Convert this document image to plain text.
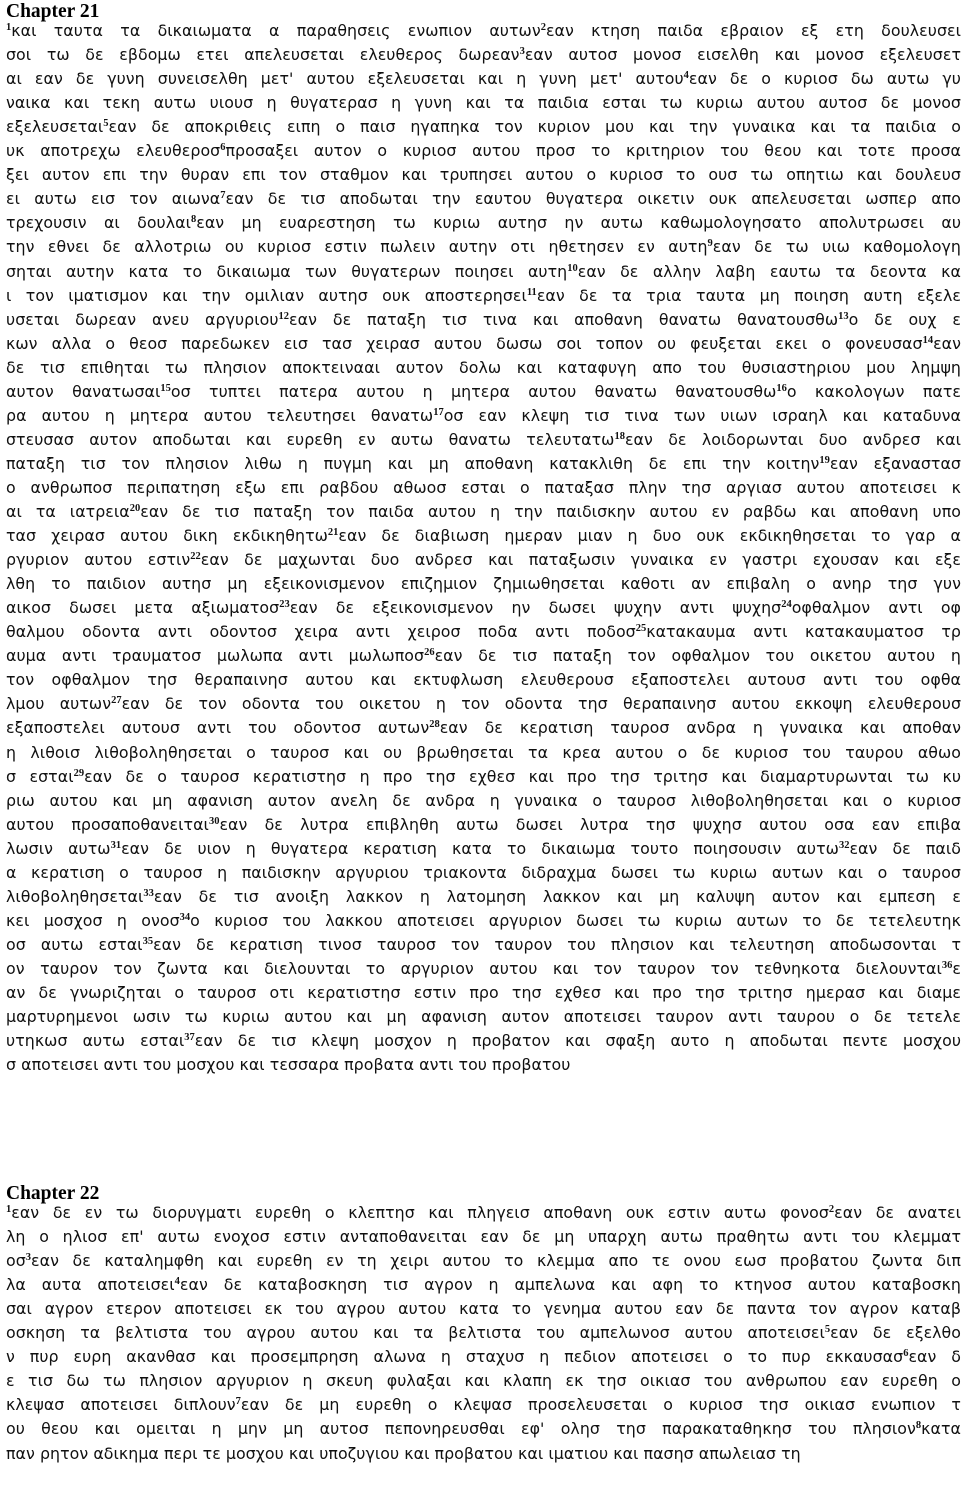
Chapter 21
$^1$και ταυτα τα δικαιωματα α παραθησεις ενωπιον αυτων$^2$εαν κτηση παιδα εβραιον εξ ετη δουλευσει
σοι τω δε εβδομω ετει απελευσεται ελευθερος δωρεαν$^3$εαν αυτοσ μονοσ εισελθη και μονοσ εξελευσετ
αι εαν δε γυνη συνεισελθη μετ' αυτου εξελευσεται και η γυνη μετ' αυτου$^4$εαν δε ο κυριοσ δω αυτω γυ
ναικα και τεκη αυτω υιουσ η θυγατερασ η γυνη και τα παιδια εσται τω κυριω αυτου αυτοσ δε μονοσ
εξελευσεται$^5$εαν δε αποκριθεις ειπη ο παισ ηγαπηκα τον κυριον μου και την γυναικα και τα παιδια ο
υκ αποτρεχω ελευθεροσ$^6$προσαξει αυτον ο κυριοσ αυτου προσ το κριτηριον του θεου και τοτε προσα
ξει αυτον επι την θυραν επι τον σταθμον και τρυπησει αυτου ο κυριοσ το ουσ τω οπητιω και δουλευσ
ει αυτω εισ τον αιωνα$^7$εαν δε τισ αποδωται την εαυτου θυγατερα οικετιν ουκ απελευσεται ωσπερ απο
τρεχουσιν αι δουλαι$^8$εαν μη ευαρεστηση τω κυριω αυτησ ην αυτω καθωμολογησατο απολυτρωσει αυ
την εθνει δε αλλοτριω ου κυριοσ εστιν πωλειν αυτην οτι ηθετησεν εν αυτη$^9$εαν δε τω υιω καθομολογη
σηται αυτην κατα το δικαιωμα των θυγατερων ποιησει αυτη$^{10}$εαν δε αλλην λαβη εαυτω τα δεοντα κα
ι τον ιματισμον και την ομιλιαν αυτησ ουκ αποστερησει$^{11}$εαν δε τα τρια ταυτα μη ποιηση αυτη εξελε
υσεται δωρεαν ανευ αργυριου$^{12}$εαν δε παταξη τισ τινα και αποθανη θανατω θανατουσθω$^{13}$ο δε ουχ ε
κων αλλα ο θεοσ παρεδωκεν εισ τασ χειρασ αυτου δωσω σοι τοπον ου φευξεται εκει ο φονευσασ$^{14}$εαν
δε τισ επιθηται τω πλησιον αποκτεινααι αυτον δολω και καταφυγη απο του θυσιαστηριου μου λημψη
αυτον θανατωσαι$^{15}$οσ τυπτει πατερα αυτου η μητερα αυτου θανατω θανατουσθω$^{16}$ο κακολογων πατε
ρα αυτου η μητερα αυτου τελευτησει θανατω$^{17}$οσ εαν κλεψη τισ τινα των υιων ισραηλ και καταδυνα
στευσασ αυτον αποδωται και ευρεθη εν αυτω θανατω τελευτατω$^{18}$εαν δε λοιδορωνται δυο ανδρεσ και
παταξη τισ τον πλησιον λιθω η πυγμη και μη αποθανη κατακλιθη δε επι την κοιτην$^{19}$εαν εξαναστασ
ο ανθρωποσ περιπατηση εξω επι ραβδου αθωοσ εσται ο παταξασ πλην τησ αργιασ αυτου αποτεισει κ
αι τα ιατρεια$^{20}$εαν δε τισ παταξη τον παιδα αυτου η την παιδισκην αυτου εν ραβδω και αποθανη υπο
τασ χειρασ αυτου δικη εκδικηθητω$^{21}$εαν δε διαβιωση ημεραν μιαν η δυο ουκ εκδικηθησεται το γαρ α
ργυριον αυτου εστιν$^{22}$εαν δε μαχωνται δυο ανδρεσ και παταξωσιν γυναικα εν γαστρι εχουσαν και εξε
λθη το παιδιον αυτησ μη εξεικονισμενον επιζημιον ζημιωθησεται καθοτι αν επιβαλη ο ανηρ τησ γυν
αικοσ δωσει μετα αξιωματοσ$^{23}$εαν δε εξεικονισμενον ην δωσει ψυχην αντι ψυχησ$^{24}$οφθαλμον αντι οφ
θαλμου οδοντα αντι οδοντοσ χειρα αντι χειροσ ποδα αντι ποδοσ$^{25}$κατακαυμα αντι κατακαυματοσ τρ
αυμα αντι τραυματοσ μωλωπα αντι μωλωποσ$^{26}$εαν δε τισ παταξη τον οφθαλμον του οικετου αυτου η
τον οφθαλμον τησ θεραπαινησ αυτου και εκτυφλωση ελευθερουσ εξαποστελει αυτουσ αντι του οφθα
λμου αυτων$^{27}$εαν δε τον οδοντα του οικετου η τον οδοντα τησ θεραπαινησ αυτου εκκοψη ελευθερουσ
εξαποστελει αυτουσ αντι του οδοντοσ αυτων$^{28}$εαν δε κερατιση ταυροσ ανδρα η γυναικα και αποθαν
η λιθοισ λιθοβοληθησεται ο ταυροσ και ου βρωθησεται τα κρεα αυτου ο δε κυριοσ του ταυρου αθωο
σ εσται$^{29}$εαν δε ο ταυροσ κερατιστησ η προ τησ εχθεσ και προ τησ τριτησ και διαμαρτυρωνται τω κυ
ριω αυτου και μη αφανιση αυτον ανελη δε ανδρα η γυναικα ο ταυροσ λιθοβοληθησεται και ο κυριοσ
αυτου προσαποθανειται$^{30}$εαν δε λυτρα επιβληθη αυτω δωσει λυτρα τησ ψυχησ αυτου οσα εαν επιβα
λωσιν αυτω$^{31}$εαν δε υιον η θυγατερα κερατιση κατα το δικαιωμα τουτο ποιησουσιν αυτω$^{32}$εαν δε παιδ
α κερατιση ο ταυροσ η παιδισκην αργυριου τριακοντα διδραχμα δωσει τω κυριω αυτων και ο ταυροσ
λιθοβοληθησεται$^{33}$εαν δε τισ ανοιξη λακκον η λατομηση λακκον και μη καλυψη αυτον και εμπεση ε
κει μοσχοσ η ονοσ$^{34}$ο κυριοσ του λακκου αποτεισει αργυριον δωσει τω κυριω αυτων το δε τετελευτηκ
οσ αυτω εσται$^{35}$εαν δε κερατιση τινοσ ταυροσ τον ταυρον του πλησιον και τελευτηση αποδωσονται τ
ον ταυρον τον ζωντα και διελουνται το αργυριον αυτου και τον ταυρον τον τεθνηκοτα διελουνται$^{36}$ε
αν δε γνωριζηται ο ταυροσ οτι κερατιστησ εστιν προ τησ εχθεσ και προ τησ τριτησ ημερασ και διαμε
μαρτυρημενοι ωσιν τω κυριω αυτου και μη αφανιση αυτον αποτεισει ταυρον αντι ταυρου ο δε τετελε
υτηκωσ αυτω εσται$^{37}$εαν δε τισ κλεψη μοσχον η προβατον και σφαξη αυτο η αποδωται πεντε μοσχου
σ αποτεισει αντι του μοσχου και τεσσαρα προβατα αντι του προβατου
Chapter 22
$^1$εαν δε εν τω διορυγματι ευρεθη ο κλεπτησ και πληγεισ αποθανη ουκ εστιν αυτω φονοσ$^2$εαν δε ανατει
λη ο ηλιοσ επ' αυτω ενοχοσ εστιν ανταποθανειται εαν δε μη υπαρχη αυτω πραθητω αντι του κλεμματ
$o\sigma^3\varepsilon\alpha\nu$ δε καταλημφθη και ευρεθη εν τη χειρι αυτου το κλεμμα απο τε ονου εωσ προβατου ζωντα διπ
λα αυτα αποτεισει$^4$εαν δε καταβοσκηση τισ αγρον η αμπελωνα και αφη το κτηνοσ αυτου καταβοσκη
σαι αγρον ετερον αποτεισει εκ του αγρου αυτου κατα το γενημα αυτου εαν δε παντα τον αγρον καταβ
οσκηση τα βελτιστα του αγρου αυτου και τα βελτιστα του αμπελωνοσ αυτου αποτεισει$^5$εαν δε εξελθο
ν πυρ ευρη ακανθασ και προσεμπρηση αλωνα η σταχυσ η πεδιον αποτεισει ο το πυρ εκκαυσασ$^6$εαν δ
ε τισ δω τω πλησιον αργυριον η σκευη φυλαξαι και κλαπη εκ τησ οικιασ του ανθρωπου εαν ευρεθη ο
κλεψασ αποτεισει διπλουν$^7$εαν δε μη ευρεθη ο κλεψασ προσελευσεται ο κυριοσ τησ οικιασ ενωπιον τ
ου θεου και ομειται η μην μη αυτοσ πεπονηρευσθαι εφ' ολησ τησ παρακαταθηκησ του πλησιον$^8$κατα
παν ρητον αδικημα περι τε μοσχου και υποζυγιου και προβατου και ιματιου και πασησ απωλειασ τη
